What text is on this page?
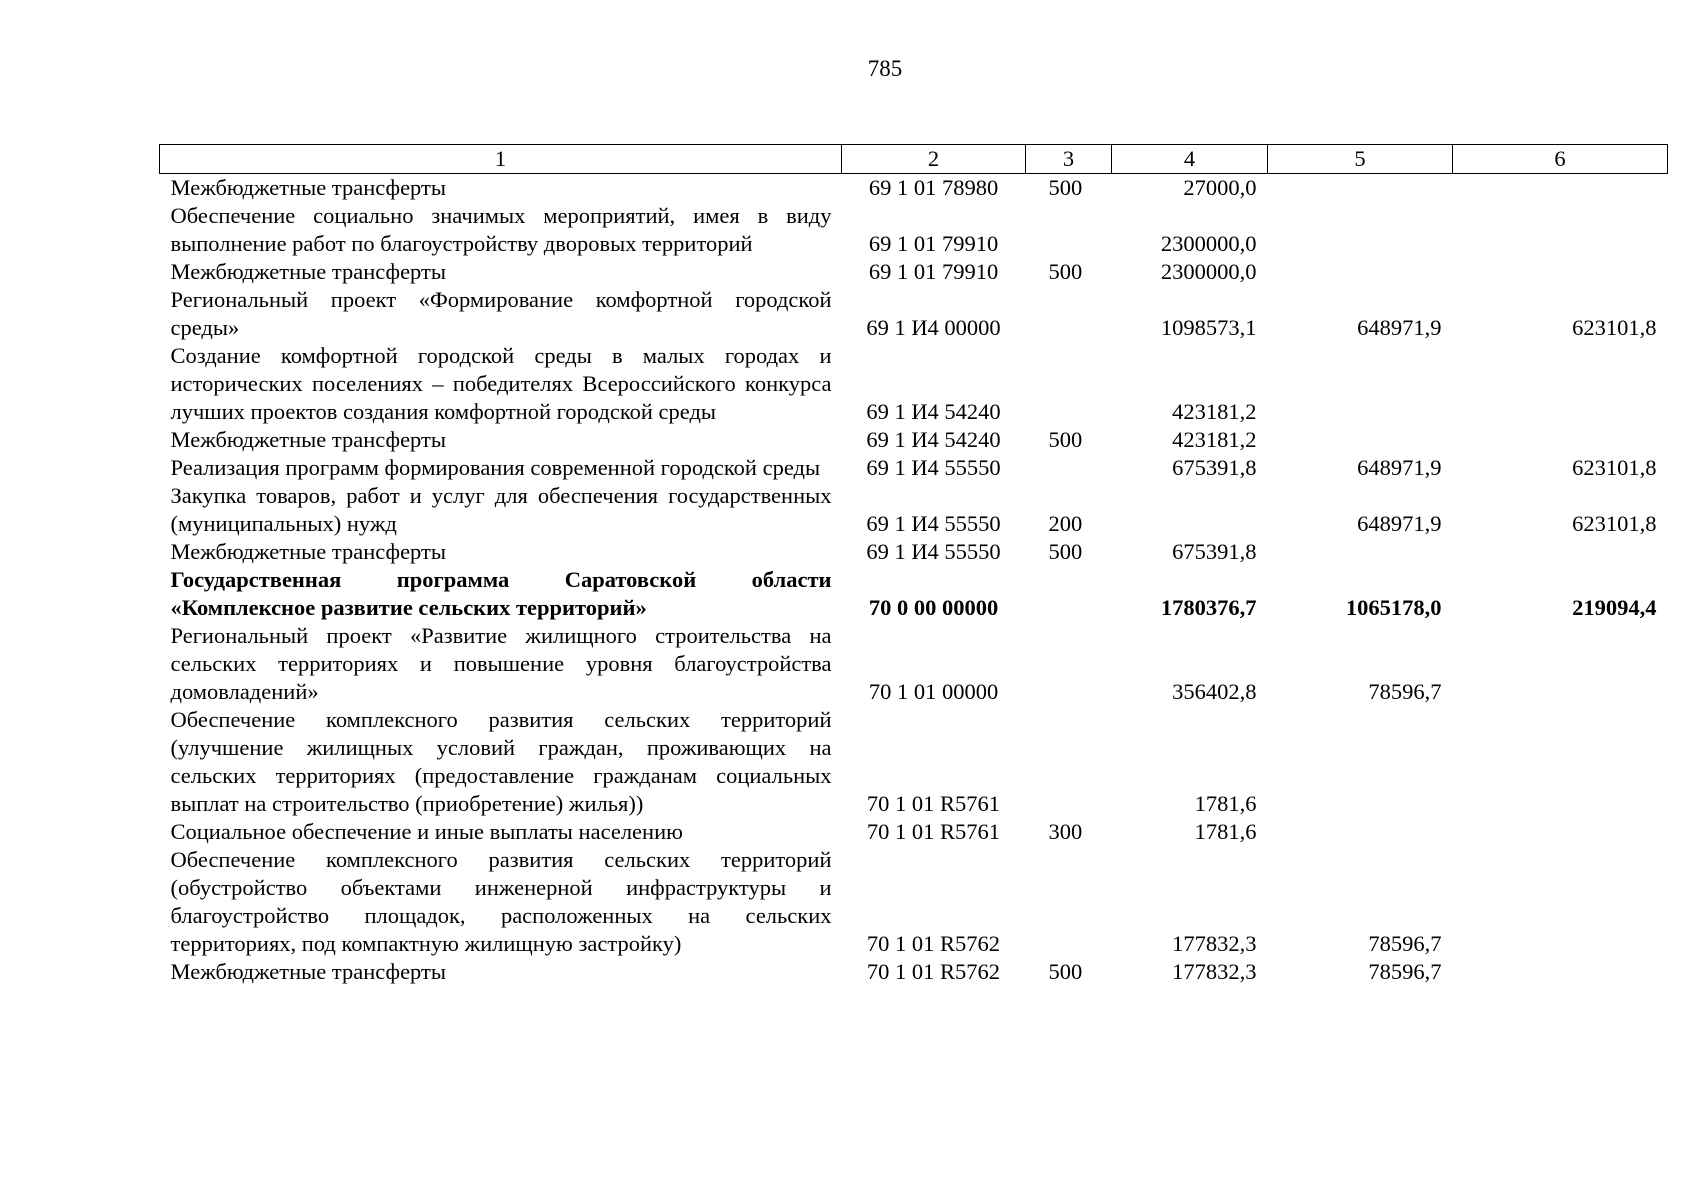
785
1	2	3	4	5	6
Межбюджетные трансферты	69 1 01 78980	500	27000,0		
Обеспечение социально значимых мероприятий, имея в виду выполнение работ по благоустройству дворовых территорий	69 1 01 79910		2300000,0		
Межбюджетные трансферты	69 1 01 79910	500	2300000,0		
Региональный проект «Формирование комфортной городской среды»	69 1 И4 00000		1098573,1	648971,9	623101,8
Создание комфортной городской среды в малых городах и исторических поселениях – победителях Всероссийского конкурса лучших проектов создания комфортной городской среды	69 1 И4 54240		423181,2		
Межбюджетные трансферты	69 1 И4 54240	500	423181,2		
Реализация программ формирования современной городской среды	69 1 И4 55550		675391,8	648971,9	623101,8
Закупка товаров, работ и услуг для обеспечения государственных (муниципальных) нужд	69 1 И4 55550	200		648971,9	623101,8
Межбюджетные трансферты	69 1 И4 55550	500	675391,8		
Государственная программа Саратовской области «Комплексное развитие сельских территорий»	70 0 00 00000		1780376,7	1065178,0	219094,4
Региональный проект «Развитие жилищного строительства на сельских территориях и повышение уровня благоустройства домовладений»	70 1 01 00000		356402,8	78596,7	
Обеспечение комплексного развития сельских территорий (улучшение жилищных условий граждан, проживающих на сельских территориях (предоставление гражданам социальных выплат на строительство (приобретение) жилья))	70 1 01 R5761		1781,6		
Социальное обеспечение и иные выплаты населению	70 1 01 R5761	300	1781,6		
Обеспечение комплексного развития сельских территорий (обустройство объектами инженерной инфраструктуры и благоустройство площадок, расположенных на сельских территориях, под компактную жилищную застройку)	70 1 01 R5762		177832,3	78596,7	
Межбюджетные трансферты	70 1 01 R5762	500	177832,3	78596,7	
